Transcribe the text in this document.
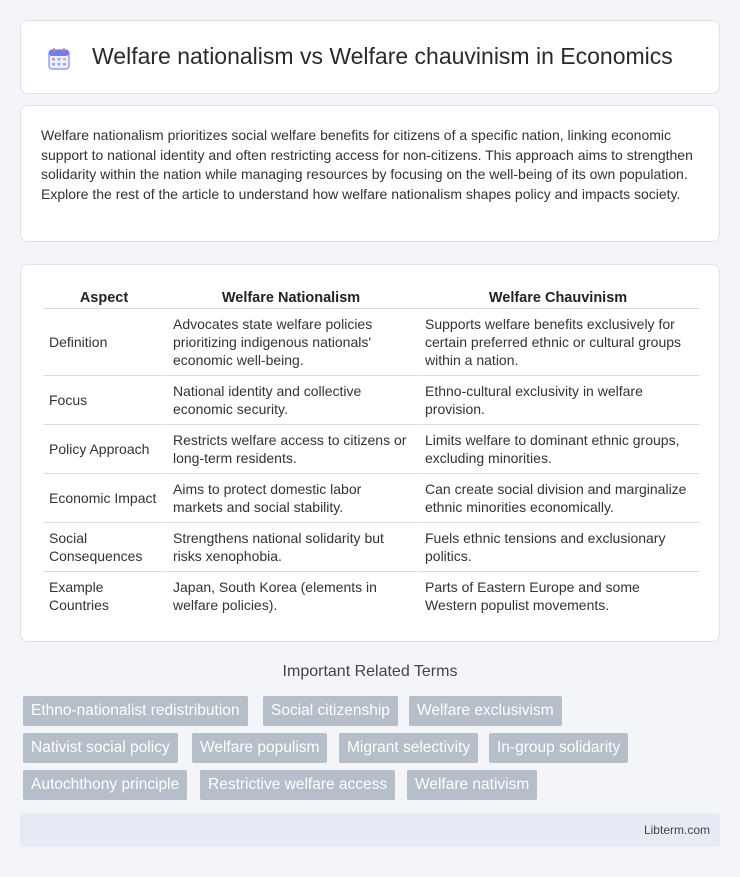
Welfare nationalism vs Welfare chauvinism in Economics

Welfare nationalism prioritizes social welfare benefits for citizens of a specific nation, linking economic support to national identity and often restricting access for non-citizens. This approach aims to strengthen solidarity within the nation while managing resources by focusing on the well-being of its own population. Explore the rest of the article to understand how welfare nationalism shapes policy and impacts society.

Aspect	Welfare Nationalism	Welfare Chauvinism
Definition	Advocates state welfare policies prioritizing indigenous nationals' economic well-being.	Supports welfare benefits exclusively for certain preferred ethnic or cultural groups within a nation.
Focus	National identity and collective economic security.	Ethno-cultural exclusivity in welfare provision.
Policy Approach	Restricts welfare access to citizens or long-term residents.	Limits welfare to dominant ethnic groups, excluding minorities.
Economic Impact	Aims to protect domestic labor markets and social stability.	Can create social division and marginalize ethnic minorities economically.
Social Consequences	Strengthens national solidarity but risks xenophobia.	Fuels ethnic tensions and exclusionary politics.
Example Countries	Japan, South Korea (elements in welfare policies).	Parts of Eastern Europe and some Western populist movements.
Important Related Terms
Ethno-nationalist redistribution	Social citizenship	Welfare exclusivism
Nativist social policy	Welfare populism	Migrant selectivity	In-group solidarity
Autochthony principle	Restrictive welfare access	Welfare nativism
Libterm.com
